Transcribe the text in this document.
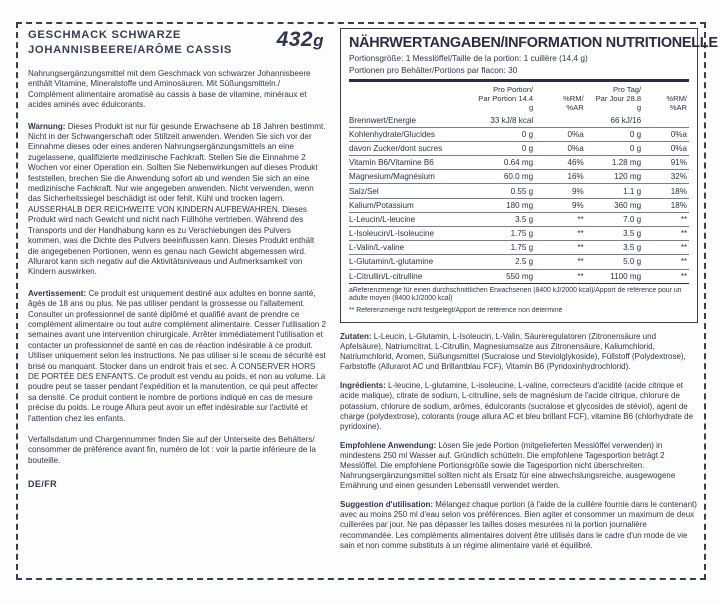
432g
GESCHMACK SCHWARZE
JOHANNISBEERE/ARÔME CASSIS
Nahrungsergänzungsmittel mit dem Geschmack von schwarzer Johannisbeere enthält Vitamine, Mineralstoffe und Aminosäuren. Mit Süßungsmitteln./ Complément alimentaire aromatisé au cassis à base de vitamine, minéraux et acides aminés avec édulcorants.
Warnung: Dieses Produkt ist nur für gesunde Erwachsene ab 18 Jahren bestimmt. Nicht in der Schwangerschaft oder Stillzeit anwenden. Wenden Sie sich vor der Einnahme dieses oder eines anderen Nahrungsergänzungsmittels an eine zugelassene, qualifizierte medizinische Fachkraft. Stellen Sie die Einnahme 2 Wochen vor einer Operation ein. Sollten Sie Nebenwirkungen auf dieses Produkt feststellen, brechen Sie die Anwendung sofort ab und wenden Sie sich an eine medizinische Fachkraft. Nur wie angegeben anwenden. Nicht verwenden, wenn das Sicherheitssiegel beschädigt ist oder fehlt. Kühl und trocken lagern. AUSSERHALB DER REICHWEITE VON KINDERN AUFBEWAHREN. Dieses Produkt wird nach Gewicht und nicht nach Füllhöhe vertrieben. Während des Transports und der Handhabung kann es zu Verschiebungen des Pulvers kommen, was die Dichte des Pulvers beeinflussen kann. Dieses Produkt enthält die angegebenen Portionen, wenn es genau nach Gewicht abgemessen wird. Allurarot kann sich negativ auf die Aktivitätsniveaus und Aufmerksamkeit von Kindern auswirken.
Avertissement: Ce produit est uniquement destiné aux adultes en bonne santé, âgés de 18 ans ou plus. Ne pas utiliser pendant la grossesse ou l'allaitement. Consulter un professionnel de santé diplômé et qualifié avant de prendre ce complément alimentaire ou tout autre complément alimentaire. Cesser l'utilisation 2 semaines avant une intervention chirurgicale. Arrêter immédiatement l'utilisation et contacter un professionnel de santé en cas de réaction indésirable à ce produit. Utiliser uniquement selon les instructions. Ne pas utiliser si le sceau de sécurité est brisé ou manquant. Stocker dans un endroit frais et sec. À CONSERVER HORS DE PORTÉE DES ENFANTS. Ce produit est vendu au poids, et non au volume. La poudre peut se tasser pendant l'expédition et la manutention, ce qui peut affecter sa densité. Ce produit contient le nombre de portions indiqué en cas de mesure précise du poids. Le rouge Allura peut avoir un effet indésirable sur l'activité et l'attention chez les enfants.
Verfallsdatum und Chargennummer finden Sie auf der Unterseite des Behälters/ consommer de préférence avant fin, numéro de lot : voir la partie inférieure de la bouteille.
DE/FR
NÄHRWERTANGABEN/INFORMATION NUTRITIONELLE
Portionsgröße: 1 Messlöffel/Taille de la portion: 1 cuillère (14,4 g)
Portionen pro Behälter/Portions par flacon: 30

	Pro Portion/
Par Portion 14.4 g	%RM/
%AR	Pro Tag/
Par Jour 28.8 g	%RM/
%AR

Brennwert/Energie	33 kJ/8 kcal		66 kJ/16	
Kohlenhydrate/Glucides	0 g	0%a	0 g	0%a
davon Zucker/dont sucres	0 g	0%a	0 g	0%a
Vitamin B6/Vitamine B6	0.64 mg	46%	1.28 mg	91%
Magnesium/Magnésium	60.0 mg	16%	120 mg	32%
Salz/Sel	0.55 g	9%	1.1 g	18%
Kalium/Potassium	180 mg	9%	360 mg	18%
L-Leucin/L-leucine	3.5 g	**	7.0 g	**
L-Isoleucin/L-Isoleucine	1.75 g	**	3.5 g	**
L-Valin/L-valine	1.75 g	**	3.5 g	**
L-Glutamin/L-glutamine	2.5 g	**	5.0 g	**
L-Citrullin/L-citrulline	550 mg	**	1100 mg	**
aReferenzmenge für einen durchschnittlichen Erwachsenen (8400 kJ/2000 kcal)/Apport de référence pour un adulte moyen (8400 kJ/2000 kcal)
** Referenzmenge nicht festgelegt/Apport de référence non déterminé
Zutaten: L-Leucin, L-Glutamin, L-Isoleucin, L-Valin, Säureregulatoren (Zitronensäure und Apfelsäure), Natriumcitrat, L-Citrullin, Magnesiumsalze aus Zitronensäure, Kaliumchlorid, Natriumchlorid, Aromen, Süßungsmittel (Sucralose und Steviolglykoside), Füllstoff (Polydextrose), Farbstoffe (Allurarot AC und Brillantblau FCF), Vitamin B6 (Pyridoxinhydrochlorid).
Ingrédients: L-leucine, L-glutamine, L-isoleucine, L-valine, correcteurs d'acidité (acide citrique et acide malique), citrate de sodium, L-citrulline, sels de magnésium de l'acide citrique, chlorure de potassium, chlorure de sodium, arômes, édulcorants (sucralose et glycosides de stéviol), agent de charge (polydextrose), colorants (rouge allura AC et bleu brillant FCF), vitamine B6 (chlorhydrate de pyridoxine).
Empfohlene Anwendung: Lösen Sie jede Portion (mitgelieferten Messlöffel verwenden) in mindestens 250 ml Wasser auf. Gründlich schütteln. Die empfohlene Tagesportion beträgt 2 Messlöffel. Die empfohlene Portionsgröße sowie die Tagesportion nicht überschreiten. Nahrungsergänzungsmittel sollten nicht als Ersatz für eine abwechslungsreiche, ausgewogene Ernährung und einen gesunden Lebensstil verwendet werden.
Suggestion d'utilisation: Mélangez chaque portion (à l'aide de la cuillère fournie dans le contenant) avec au moins 250 ml d'eau selon vos préférences. Bien agiter et consommer un maximum de deux cuillerées par jour. Ne pas dépasser les tailles doses mesurées ni la portion journalière recommandée. Les compléments alimentaires doivent être utilisés dans le cadre d'un mode de vie sain et non comme substituts à un régime alimentaire varié et équilibré.
